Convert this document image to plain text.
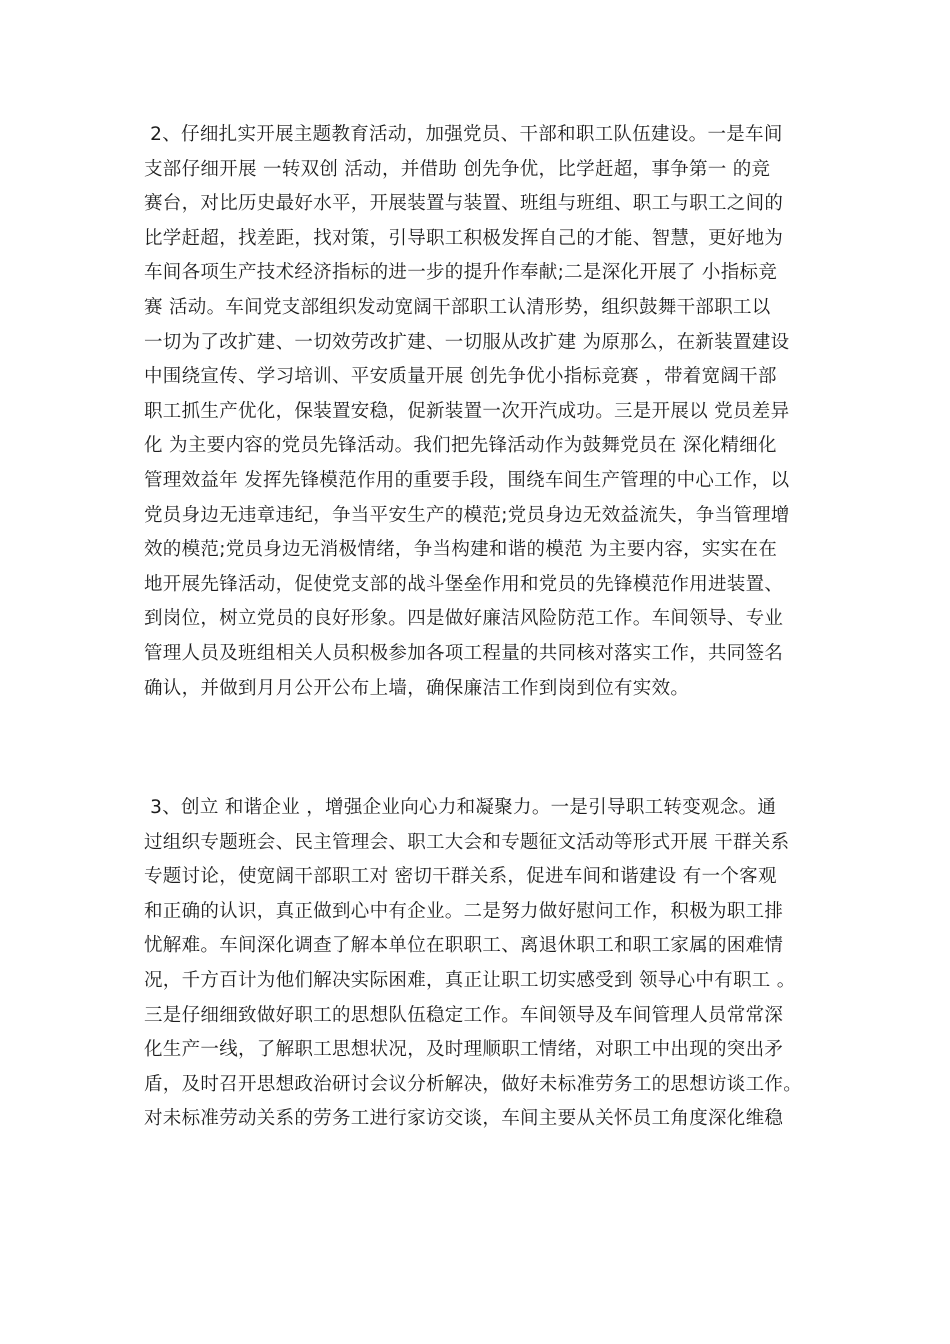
2、仔细扎实开展主题教育活动，加强党员、干部和职工队伍建设。一是车间
支部仔细开展 一转双创 活动，并借助 创先争优，比学赶超，事争第一 的竞
赛台，对比历史最好水平，开展装置与装置、班组与班组、职工与职工之间的
比学赶超，找差距，找对策，引导职工积极发挥自己的才能、智慧，更好地为
车间各项生产技术经济指标的进一步的提升作奉献;二是深化开展了 小指标竞
赛 活动。车间党支部组织发动宽阔干部职工认清形势，组织鼓舞干部职工以
一切为了改扩建、一切效劳改扩建、一切服从改扩建 为原那么，在新装置建设
中围绕宣传、学习培训、平安质量开展 创先争优小指标竞赛 ，带着宽阔干部
职工抓生产优化，保装置安稳，促新装置一次开汽成功。三是开展以 党员差异
化 为主要内容的党员先锋活动。我们把先锋活动作为鼓舞党员在 深化精细化
管理效益年 发挥先锋模范作用的重要手段，围绕车间生产管理的中心工作，以
党员身边无违章违纪，争当平安生产的模范;党员身边无效益流失，争当管理增
效的模范;党员身边无消极情绪，争当构建和谐的模范 为主要内容，实实在在
地开展先锋活动，促使党支部的战斗堡垒作用和党员的先锋模范作用进装置、
到岗位，树立党员的良好形象。四是做好廉洁风险防范工作。车间领导、专业
管理人员及班组相关人员积极参加各项工程量的共同核对落实工作，共同签名
确认，并做到月月公开公布上墙，确保廉洁工作到岗到位有实效。
3、创立 和谐企业 ，增强企业向心力和凝聚力。一是引导职工转变观念。通
过组织专题班会、民主管理会、职工大会和专题征文活动等形式开展 干群关系
专题讨论，使宽阔干部职工对 密切干群关系，促进车间和谐建设 有一个客观
和正确的认识，真正做到心中有企业。二是努力做好慰问工作，积极为职工排
忧解难。车间深化调查了解本单位在职职工、离退休职工和职工家属的困难情
况，千方百计为他们解决实际困难，真正让职工切实感受到 领导心中有职工 。
三是仔细细致做好职工的思想队伍稳定工作。车间领导及车间管理人员常常深
化生产一线，了解职工思想状况，及时理顺职工情绪，对职工中出现的突出矛
盾，及时召开思想政治研讨会议分析解决，做好未标准劳务工的思想访谈工作。
对未标准劳动关系的劳务工进行家访交谈，车间主要从关怀员工角度深化维稳
